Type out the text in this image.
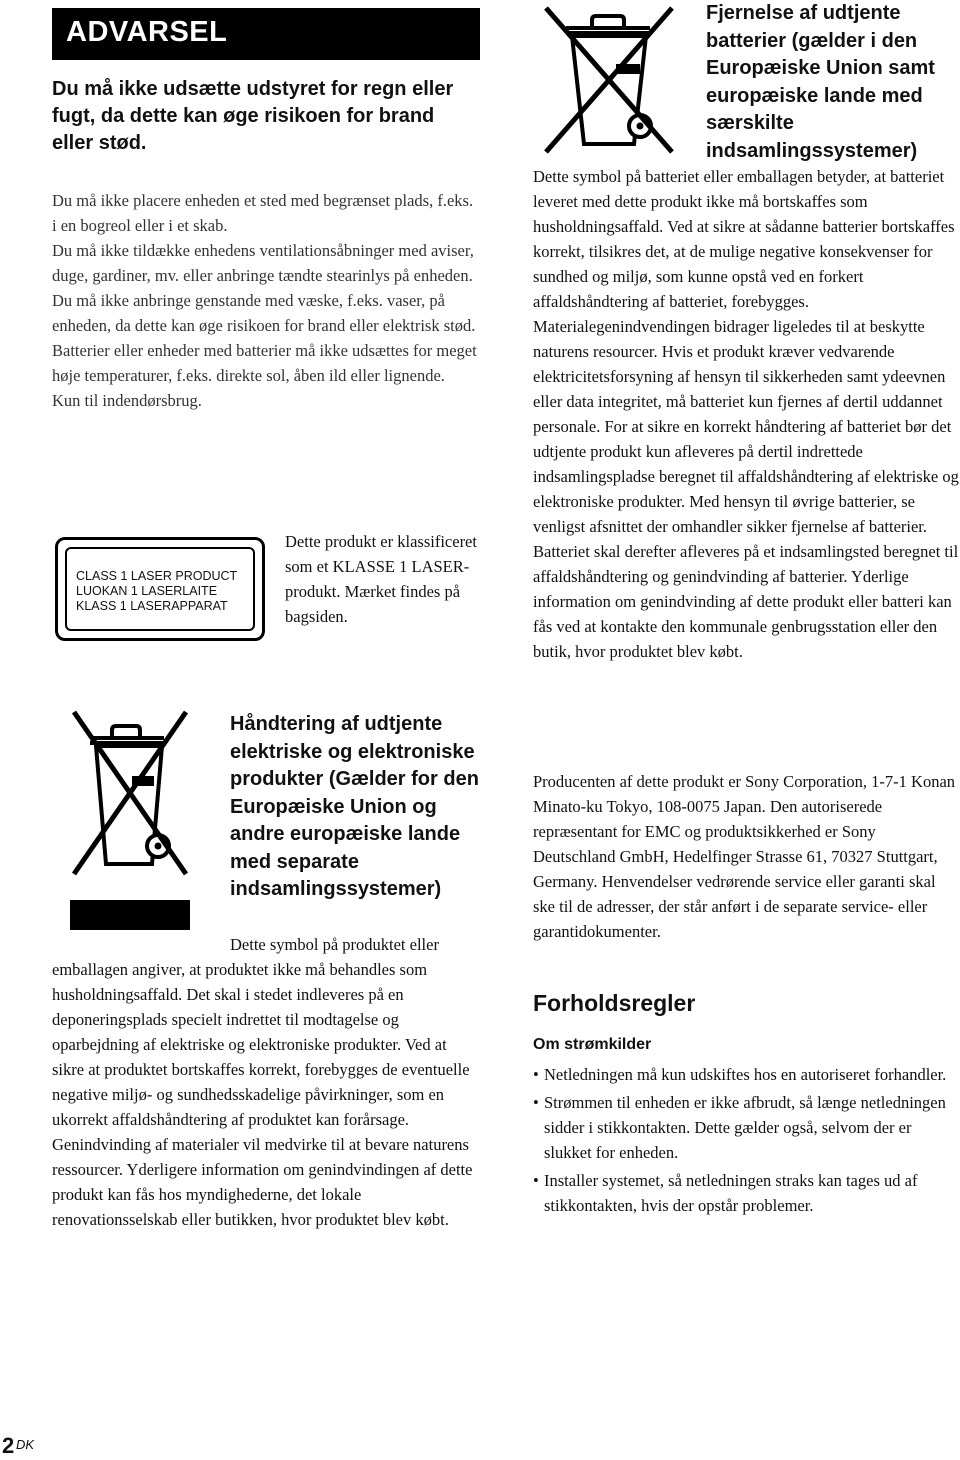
ADVARSEL

Du må ikke udsætte udstyret for regn eller fugt, da dette kan øge risikoen for brand eller stød.

Du må ikke placere enheden et sted med begrænset plads, f.eks. i en bogreol eller i et skab.

Du må ikke tildække enhedens ventilationsåbninger med aviser, duge, gardiner, mv. eller anbringe tændte stearinlys på enheden.

Du må ikke anbringe genstande med væske, f.eks. vaser, på enheden, da dette kan øge risikoen for brand eller elektrisk stød.

Batterier eller enheder med batterier må ikke udsættes for meget høje temperaturer, f.eks. direkte sol, åben ild eller lignende.

Kun til indendørsbrug.

CLASS 1 LASER PRODUCT
LUOKAN 1 LASERLAITE
KLASS 1 LASERAPPARAT

Dette produkt er klassificeret som et KLASSE 1 LASER-produkt. Mærket findes på bagsiden.

Håndtering af udtjente elektriske og elektroniske produkter (Gælder for den Europæiske Union og andre europæiske lande med separate indsamlingssystemer)

Dette symbol på produktet eller

emballagen angiver, at produktet ikke må behandles som husholdningsaffald. Det skal i stedet indleveres på en deponeringsplads specielt indrettet til modtagelse og oparbejdning af elektriske og elektroniske produkter. Ved at sikre at produktet bortskaffes korrekt, forebygges de eventuelle negative miljø- og sundhedsskadelige påvirkninger, som en ukorrekt affaldshåndtering af produktet kan forårsage. Genindvinding af materialer vil medvirke til at bevare naturens ressourcer. Yderligere information om genindvindingen af dette produkt kan fås hos myndighederne, det lokale renovationsselskab eller butikken, hvor produktet blev købt.

Fjernelse af udtjente batterier (gælder i den Europæiske Union samt europæiske lande med særskilte indsamlingssystemer)

Dette symbol på batteriet eller emballagen betyder, at batteriet leveret med dette produkt ikke må bortskaffes som husholdningsaffald. Ved at sikre at sådanne batterier bortskaffes korrekt, tilsikres det, at de mulige negative konsekvenser for sundhed og miljø, som kunne opstå ved en forkert affaldshåndtering af batteriet, forebygges. Materialegenindvendingen bidrager ligeledes til at beskytte naturens resourcer. Hvis et produkt kræver vedvarende elektricitetsforsyning af hensyn til sikkerheden samt ydeevnen eller data integritet, må batteriet kun fjernes af dertil uddannet personale. For at sikre en korrekt håndtering af batteriet bør det udtjente produkt kun afleveres på dertil indrettede indsamlingspladse beregnet til affaldshåndtering af elektriske og elektroniske produkter. Med hensyn til øvrige batterier, se venligst afsnittet der omhandler sikker fjernelse af batterier. Batteriet skal derefter afleveres på et indsamlingsted beregnet til affaldshåndtering og genindvinding af batterier. Yderlige information om genindvinding af dette produkt eller batteri kan fås ved at kontakte den kommunale genbrugsstation eller den butik, hvor produktet blev købt.

Producenten af dette produkt er Sony Corporation, 1-7-1 Konan Minato-ku Tokyo, 108-0075 Japan. Den autoriserede repræsentant for EMC og produktsikkerhed er Sony Deutschland GmbH, Hedelfinger Strasse 61, 70327 Stuttgart, Germany. Henvendelser vedrørende service eller garanti skal ske til de adresser, der står anført i de separate service- eller garantidokumenter.

Forholdsregler
Om strømkilder
• Netledningen må kun udskiftes hos en autoriseret forhandler.
• Strømmen til enheden er ikke afbrudt, så længe netledningen sidder i stikkontakten. Dette gælder også, selvom der er slukket for enheden.
• Installer systemet, så netledningen straks kan tages ud af stikkontakten, hvis der opstår problemer.
2 DK
